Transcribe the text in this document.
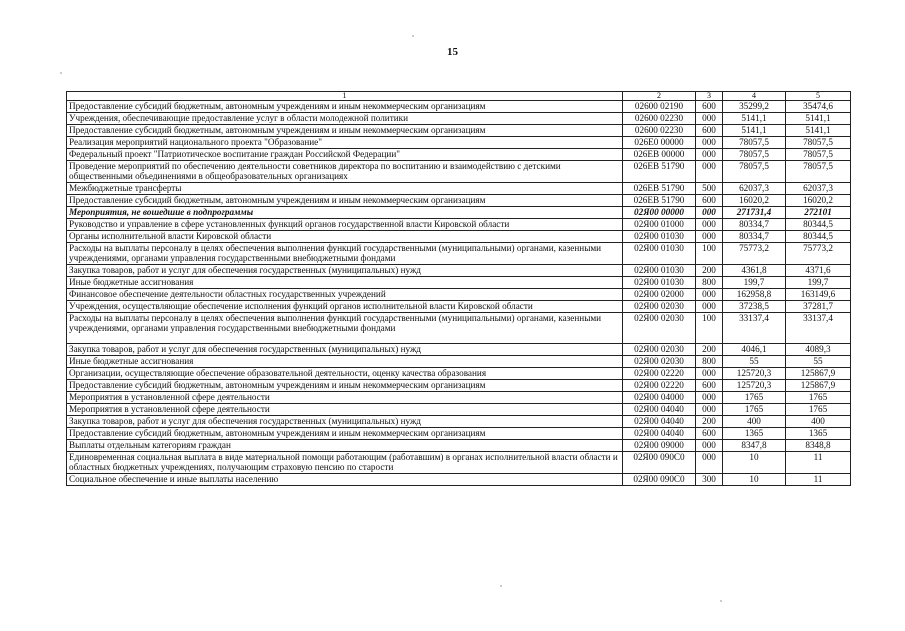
15
1	2	3	4	5
Предоставление субсидий бюджетным, автономным учреждениям и иным некоммерческим организациям	02600 02190	600	35299,2	35474,6
Учреждения, обеспечивающие предоставление услуг в области молодежной политики	02600 02230	000	5141,1	5141,1
Предоставление субсидий бюджетным, автономным учреждениям и иным некоммерческим организациям	02600 02230	600	5141,1	5141,1
Реализация мероприятий национального проекта "Образование"	026Е0 00000	000	78057,5	78057,5
Федеральный проект "Патриотическое воспитание граждан Российской Федерации"	026ЕВ 00000	000	78057,5	78057,5
Проведение мероприятий по обеспечению деятельности советников директора по воспитанию и взаимодействию с детскими общественными объединениями в общеобразовательных организациях	026ЕВ 51790	000	78057,5	78057,5
Межбюджетные трансферты	026ЕВ 51790	500	62037,3	62037,3
Предоставление субсидий бюджетным, автономным учреждениям и иным некоммерческим организациям	026ЕВ 51790	600	16020,2	16020,2
Мероприятия, не вошедшие в подпрограммы	02Я00 00000	000	271731,4	272101
Руководство и управление в сфере установленных функций органов государственной власти Кировской области	02Я00 01000	000	80334,7	80344,5
Органы исполнительной власти Кировской области	02Я00 01030	000	80334,7	80344,5
Расходы на выплаты персоналу в целях обеспечения выполнения функций государственными (муниципальными) органами, казенными учреждениями, органами управления государственными внебюджетными фондами	02Я00 01030	100	75773,2	75773,2
Закупка товаров, работ и услуг для обеспечения государственных (муниципальных) нужд	02Я00 01030	200	4361,8	4371,6
Иные бюджетные ассигнования	02Я00 01030	800	199,7	199,7
Финансовое обеспечение деятельности областных государственных учреждений	02Я00 02000	000	162958,8	163149,6
Учреждения, осуществляющие обеспечение исполнения функций органов исполнительной власти Кировской области	02Я00 02030	000	37238,5	37281,7
Расходы на выплаты персоналу в целях обеспечения выполнения функций государственными (муниципальными) органами, казенными учреждениями, органами управления государственными внебюджетными фондами	02Я00 02030	100	33137,4	33137,4
Закупка товаров, работ и услуг для обеспечения государственных (муниципальных) нужд	02Я00 02030	200	4046,1	4089,3
Иные бюджетные ассигнования	02Я00 02030	800	55	55
Организации, осуществляющие обеспечение образовательной деятельности, оценку качества образования	02Я00 02220	000	125720,3	125867,9
Предоставление субсидий бюджетным, автономным учреждениям и иным некоммерческим организациям	02Я00 02220	600	125720,3	125867,9
Мероприятия в установленной сфере деятельности	02Я00 04000	000	1765	1765
Мероприятия в установленной сфере деятельности	02Я00 04040	000	1765	1765
Закупка товаров, работ и услуг для обеспечения государственных (муниципальных) нужд	02Я00 04040	200	400	400
Предоставление субсидий бюджетным, автономным учреждениям и иным некоммерческим организациям	02Я00 04040	600	1365	1365
Выплаты отдельным категориям граждан	02Я00 09000	000	8347,8	8348,8
Единовременная социальная выплата в виде материальной помощи работающим (работавшим) в органах исполнительной власти области и областных бюджетных учреждениях, получающим страховую пенсию по старости	02Я00 090С0	000	10	11
Социальное обеспечение и иные выплаты населению	02Я00 090С0	300	10	11
